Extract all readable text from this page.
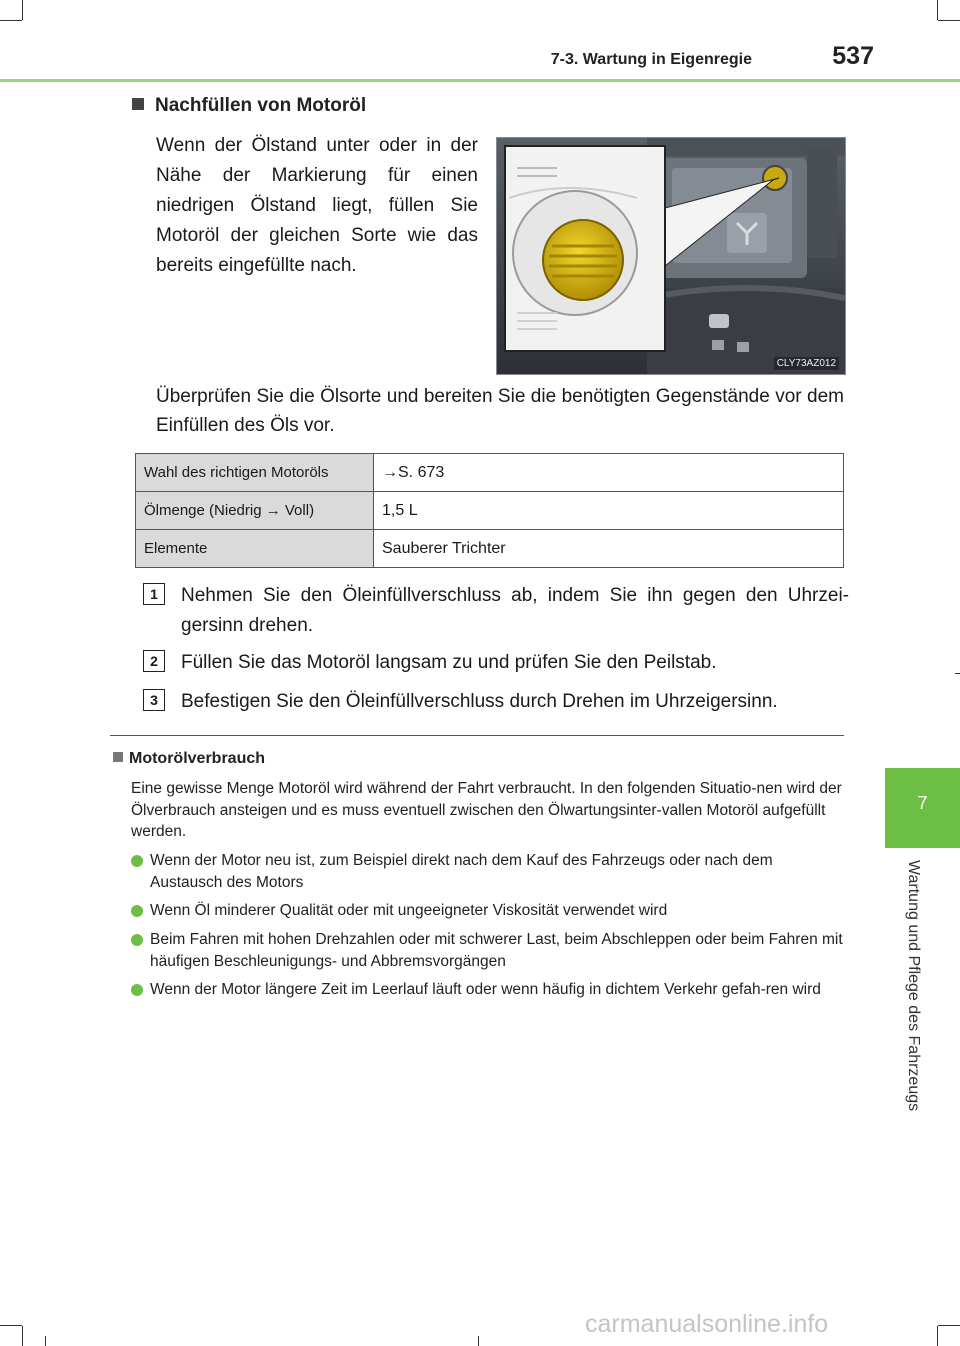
7-3. Wartung in Eigenregie	537
7
Wartung und Pflege des Fahrzeugs
Nachfüllen von Motoröl
Wenn der Ölstand unter oder in der Nähe der Markierung für einen niedrigen Ölstand liegt, füllen Sie Motoröl der gleichen Sorte wie das bereits eingefüllte nach.
CLY73AZ012
Überprüfen Sie die Ölsorte und bereiten Sie die benötigten Gegenstände vor dem Einfüllen des Öls vor.
Wahl des richtigen Motoröls	→S. 673
Ölmenge (Niedrig → Voll)	1,5 L
Elemente	Sauberer Trichter
1	Nehmen Sie den Öleinfüllverschluss ab, indem Sie ihn gegen den Uhrzei-gersinn drehen.
2	Füllen Sie das Motoröl langsam zu und prüfen Sie den Peilstab.
3	Befestigen Sie den Öleinfüllverschluss durch Drehen im Uhrzeigersinn.
Motorölverbrauch
Eine gewisse Menge Motoröl wird während der Fahrt verbraucht. In den folgenden Situatio-nen wird der Ölverbrauch ansteigen und es muss eventuell zwischen den Ölwartungsinter-vallen Motoröl aufgefüllt werden.
Wenn der Motor neu ist, zum Beispiel direkt nach dem Kauf des Fahrzeugs oder nach dem Austausch des Motors
Wenn Öl minderer Qualität oder mit ungeeigneter Viskosität verwendet wird
Beim Fahren mit hohen Drehzahlen oder mit schwerer Last, beim Abschleppen oder beim Fahren mit häufigen Beschleunigungs- und Abbremsvorgängen
Wenn der Motor längere Zeit im Leerlauf läuft oder wenn häufig in dichtem Verkehr gefah-ren wird
carmanualsonline.info
